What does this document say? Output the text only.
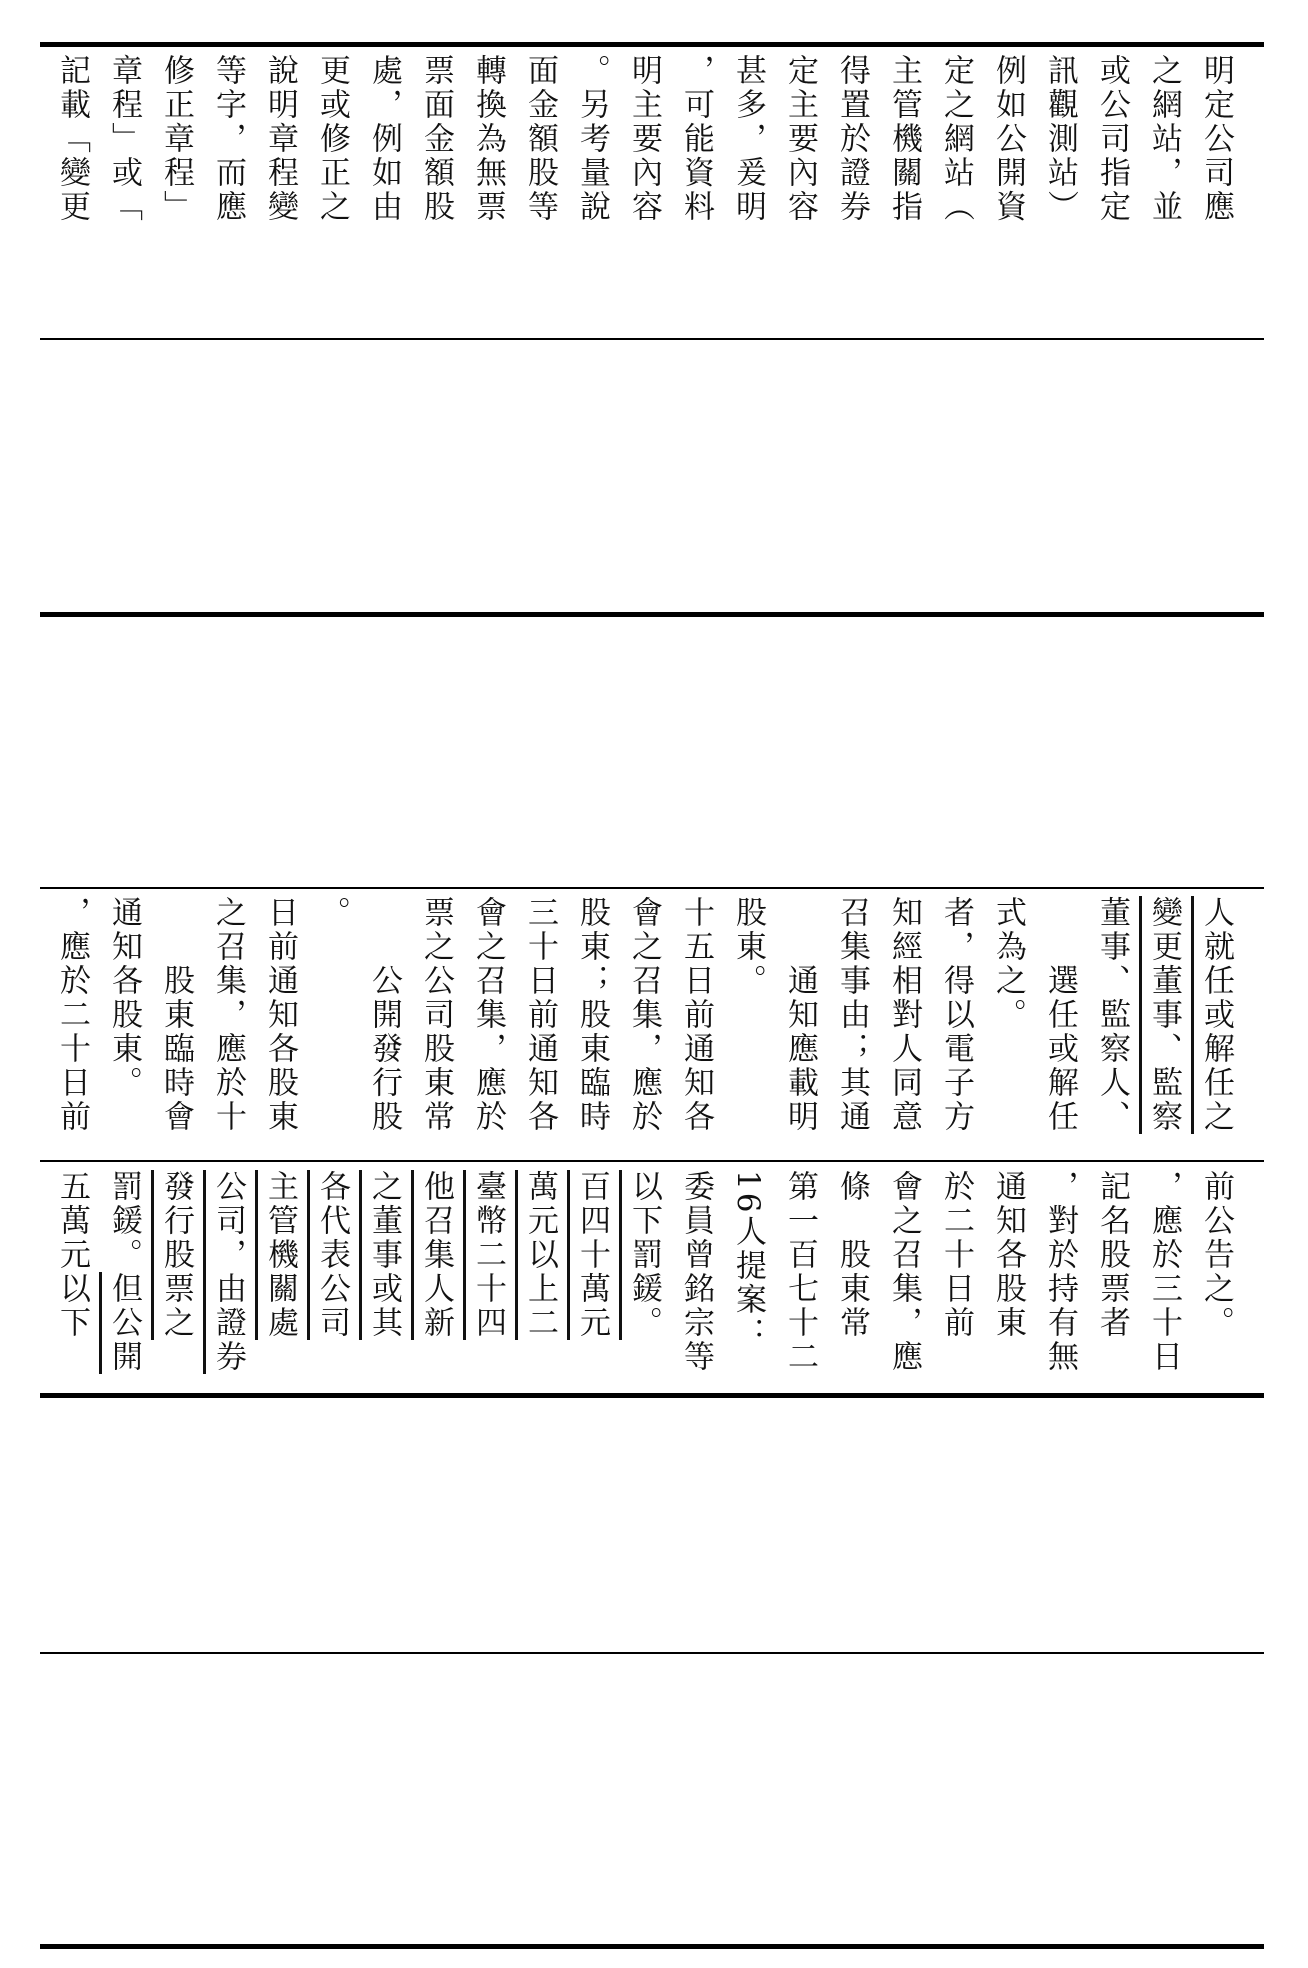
記載「變更 章程」或「 修正章程」 等字，而應 說明章程變 更或修正之 處，例如由 票面金額股 轉換為無票 面金額股等 。另考量說 明主要內容 ，可能資料 甚多，爰明 定主要內容 得置於證券 主管機關指 定之網站（ 例如公開資 訊觀測站） 或公司指定 之網站，並 明定公司應
，應於二十日前 通知各股東。 　　股東臨時會 之召集，應於十 日前通知各股東 。 　　公開發行股 票之公司股東常 會之召集，應於 三十日前通知各 股東；股東臨時 會之召集，應於 十五日前通知各 股東。 　　通知應載明 召集事由；其通 知經相對人同意 者，得以電子方 式為之。 　　選任或解任 董事、監察人、 變更董事、監察 人就任或解任之
五萬元以下 罰鍰。但公開 發行股票之 公司，由證券 主管機關處 各代表公司 之董事或其 他召集人新 臺幣二十四 萬元以上二 百四十萬元 以下罰鍰。 委員曾銘宗等 16人提案： 第一百七十二 條　股東常 會之召集，應 於二十日前 通知各股東 ，對於持有無 記名股票者 ，應於三十日 前公告之。
